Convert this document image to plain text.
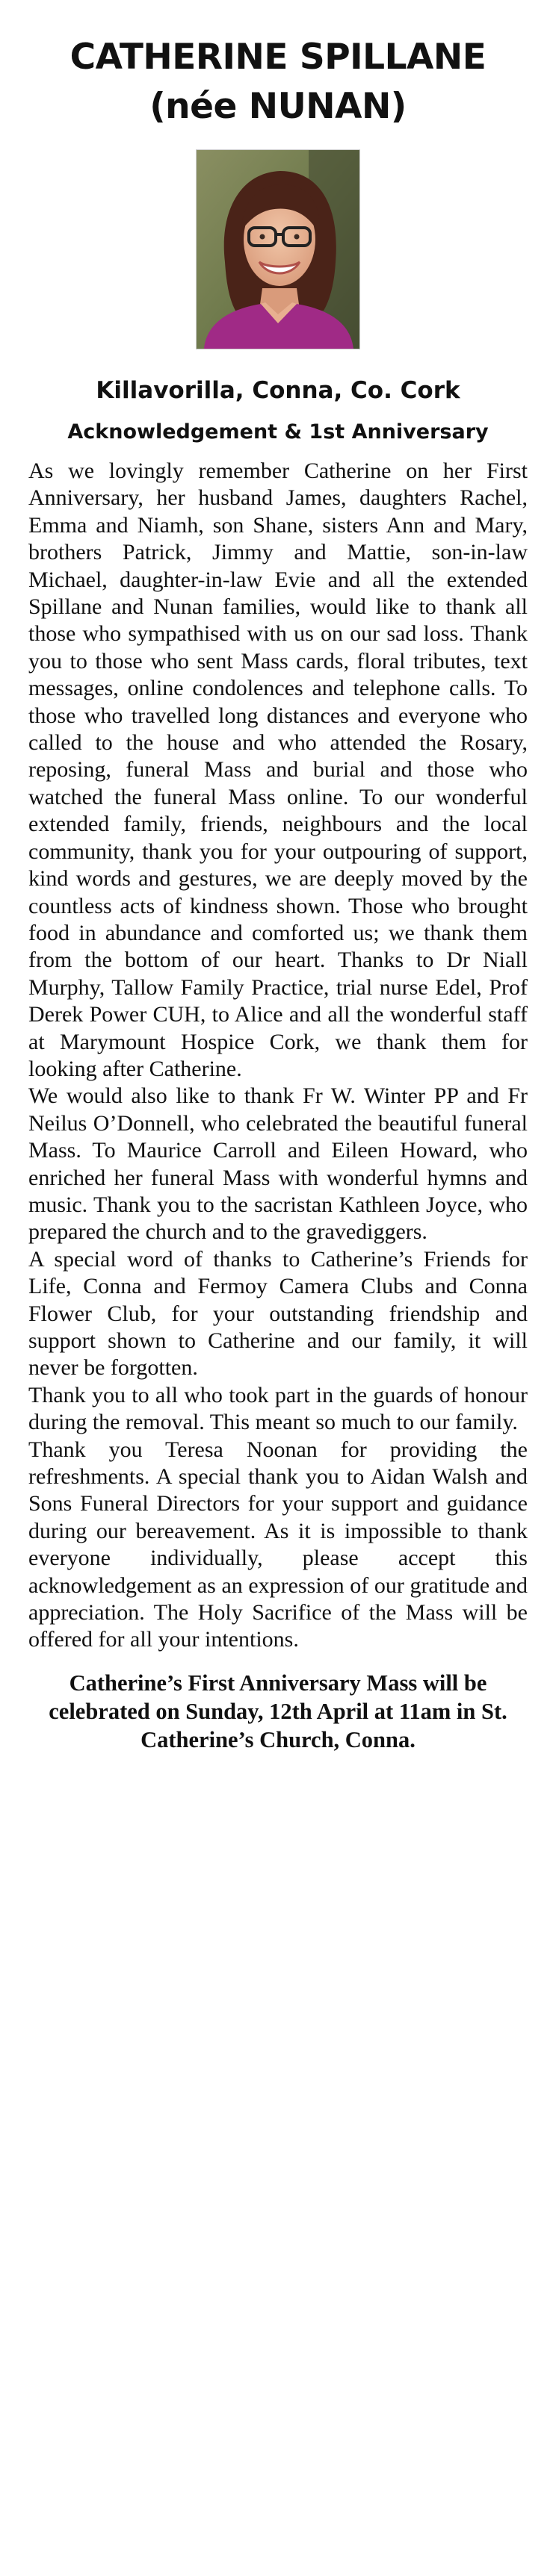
CATHERINE SPILLANE
(née NUNAN)
Killavorilla, Conna, Co. Cork
Acknowledgement & 1st Anniversary

As we lovingly remember Catherine on her First Anniversary, her husband James, daughters Rachel, Emma and Niamh, son Shane, sisters Ann and Mary, brothers Patrick, Jimmy and Mattie, son-in-law Michael, daughter-in-law Evie and all the extended Spillane and Nunan families, would like to thank all those who sympathised with us on our sad loss. Thank you to those who sent Mass cards, floral tributes, text messages, online condolences and telephone calls. To those who travelled long distances and everyone who called to the house and who attended the Rosary, reposing, funeral Mass and burial and those who watched the funeral Mass online. To our wonderful extended family, friends, neighbours and the local community, thank you for your outpouring of support, kind words and gestures, we are deeply moved by the countless acts of kindness shown. Those who brought food in abundance and comforted us; we thank them from the bottom of our heart. Thanks to Dr Niall Murphy, Tallow Family Practice, trial nurse Edel, Prof Derek Power CUH, to Alice and all the wonderful staff at Marymount Hospice Cork, we thank them for looking after Catherine.

We would also like to thank Fr W. Winter PP and Fr Neilus O’Donnell, who celebrated the beautiful funeral Mass. To Maurice Carroll and Eileen Howard, who enriched her funeral Mass with wonderful hymns and music. Thank you to the sacristan Kathleen Joyce, who prepared the church and to the gravediggers.

A special word of thanks to Catherine’s Friends for Life, Conna and Fermoy Camera Clubs and Conna Flower Club, for your outstanding friendship and support shown to Catherine and our family, it will never be forgotten.

Thank you to all who took part in the guards of honour during the removal. This meant so much to our family.

Thank you Teresa Noonan for providing the refreshments. A special thank you to Aidan Walsh and Sons Funeral Directors for your support and guidance during our bereavement. As it is impossible to thank everyone individually, please accept this acknowledgement as an expression of our gratitude and appreciation. The Holy Sacrifice of the Mass will be offered for all your intentions.

Catherine’s First Anniversary Mass will be celebrated on Sunday, 12th April at 11am in St. Catherine’s Church, Conna.
